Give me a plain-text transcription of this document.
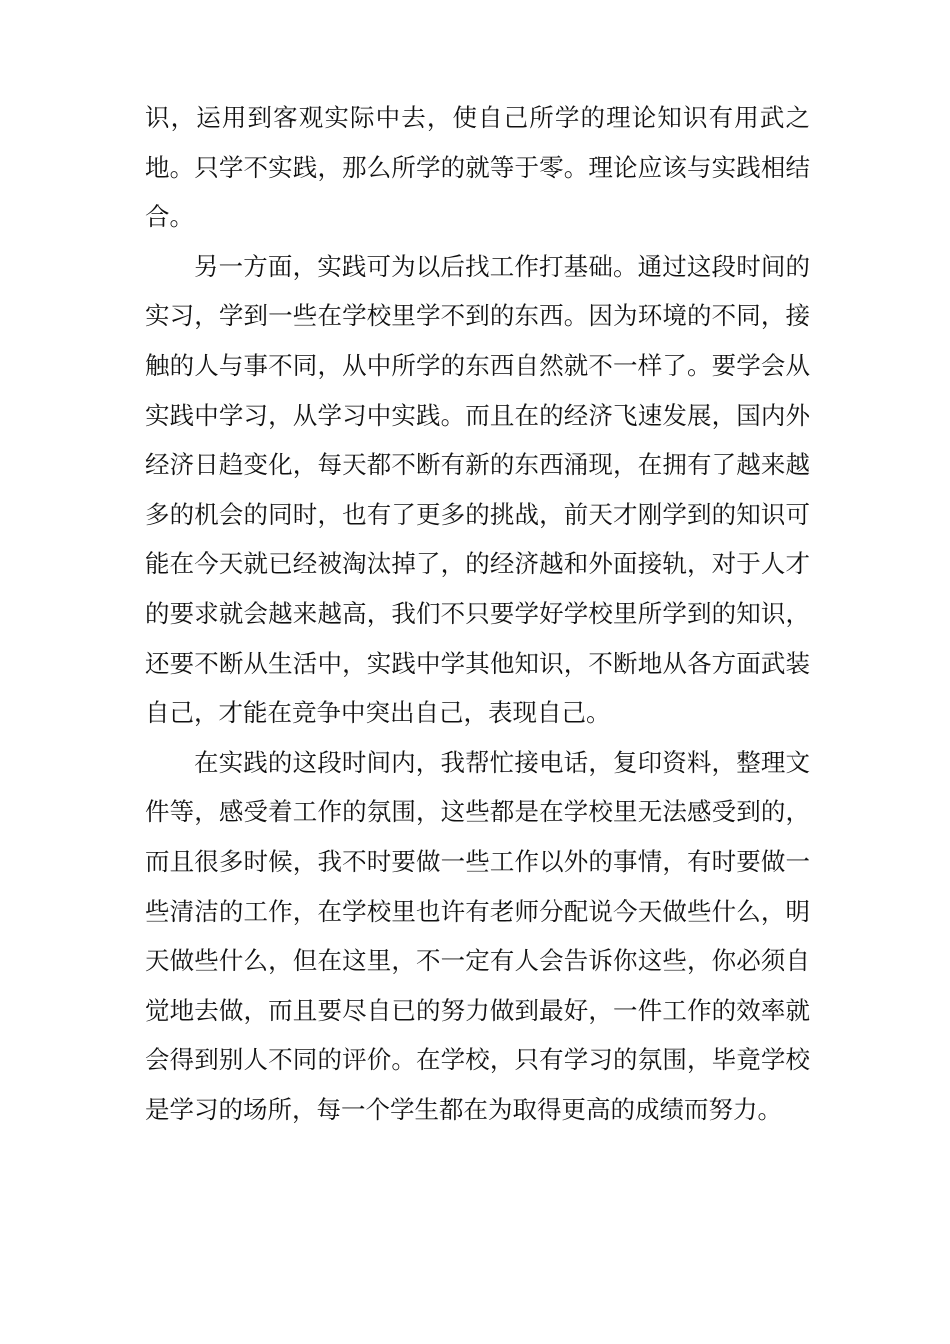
识，运用到客观实际中去，使自己所学的理论知识有用武之地。只学不实践，那么所学的就等于零。理论应该与实践相结合。

另一方面，实践可为以后找工作打基础。通过这段时间的实习，学到一些在学校里学不到的东西。因为环境的不同，接触的人与事不同，从中所学的东西自然就不一样了。要学会从实践中学习，从学习中实践。而且在的经济飞速发展，国内外经济日趋变化，每天都不断有新的东西涌现，在拥有了越来越多的机会的同时，也有了更多的挑战，前天才刚学到的知识可能在今天就已经被淘汰掉了，的经济越和外面接轨，对于人才的要求就会越来越高，我们不只要学好学校里所学到的知识，还要不断从生活中，实践中学其他知识，不断地从各方面武装自己，才能在竞争中突出自己，表现自己。

在实践的这段时间内，我帮忙接电话，复印资料，整理文件等，感受着工作的氛围，这些都是在学校里无法感受到的，而且很多时候，我不时要做一些工作以外的事情，有时要做一些清洁的工作，在学校里也许有老师分配说今天做些什么，明天做些什么，但在这里，不一定有人会告诉你这些，你必须自觉地去做，而且要尽自已的努力做到最好，一件工作的效率就会得到别人不同的评价。在学校，只有学习的氛围，毕竟学校是学习的场所，每一个学生都在为取得更高的成绩而努力。
